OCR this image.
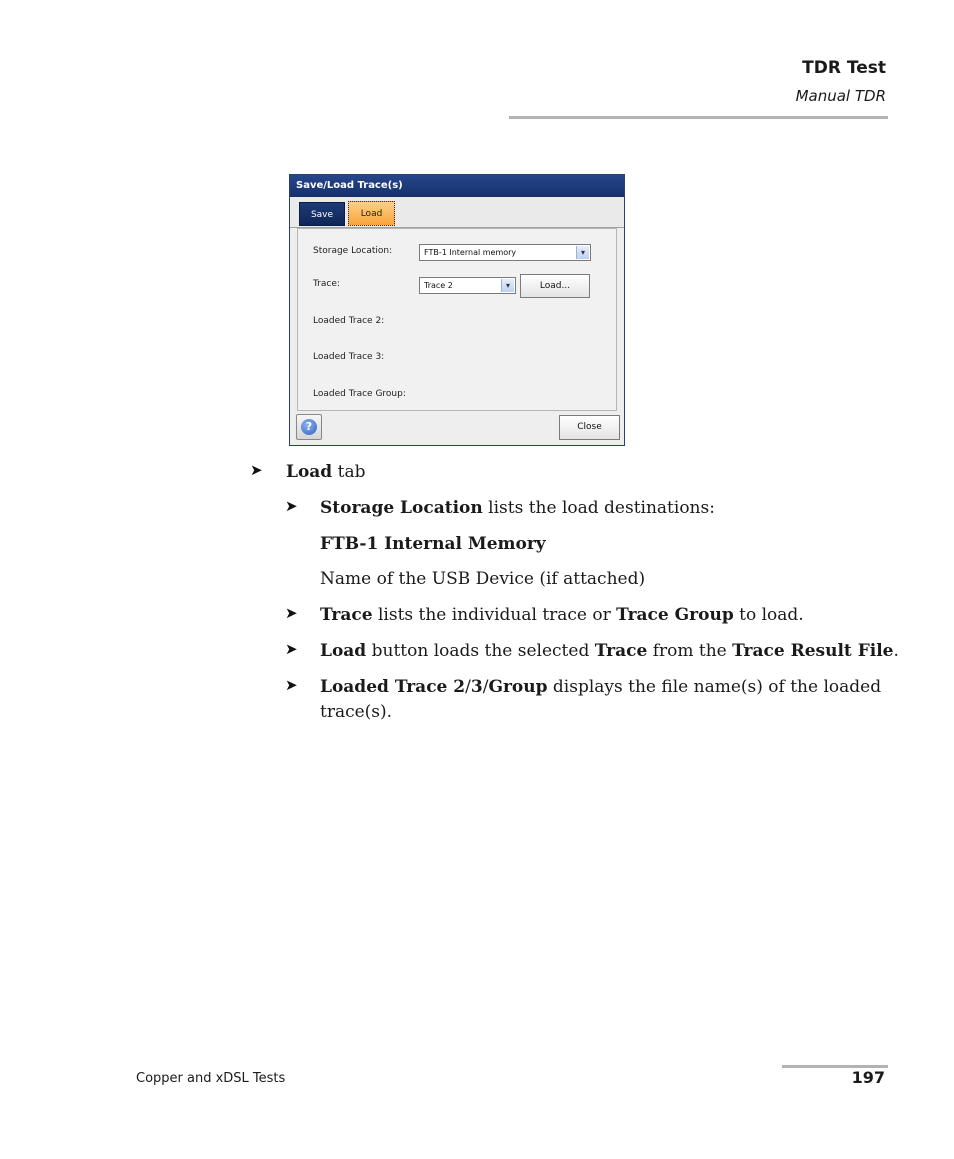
TDR Test
Manual TDR
Save/Load Trace(s)
Save	Load
Storage Location:	FTB-1 Internal memory	▾
Trace:	Trace 2	▾	Load...
Loaded Trace 2:
Loaded Trace 3:
Loaded Trace Group:
?	Close
➤ Load tab
➤ Storage Location lists the load destinations:
FTB-1 Internal Memory
Name of the USB Device (if attached)
➤ Trace lists the individual trace or Trace Group to load.
➤ Load button loads the selected Trace from the Trace Result File.
➤ Loaded Trace 2/3/Group displays the file name(s) of the loaded
trace(s).
Copper and xDSL Tests	197
